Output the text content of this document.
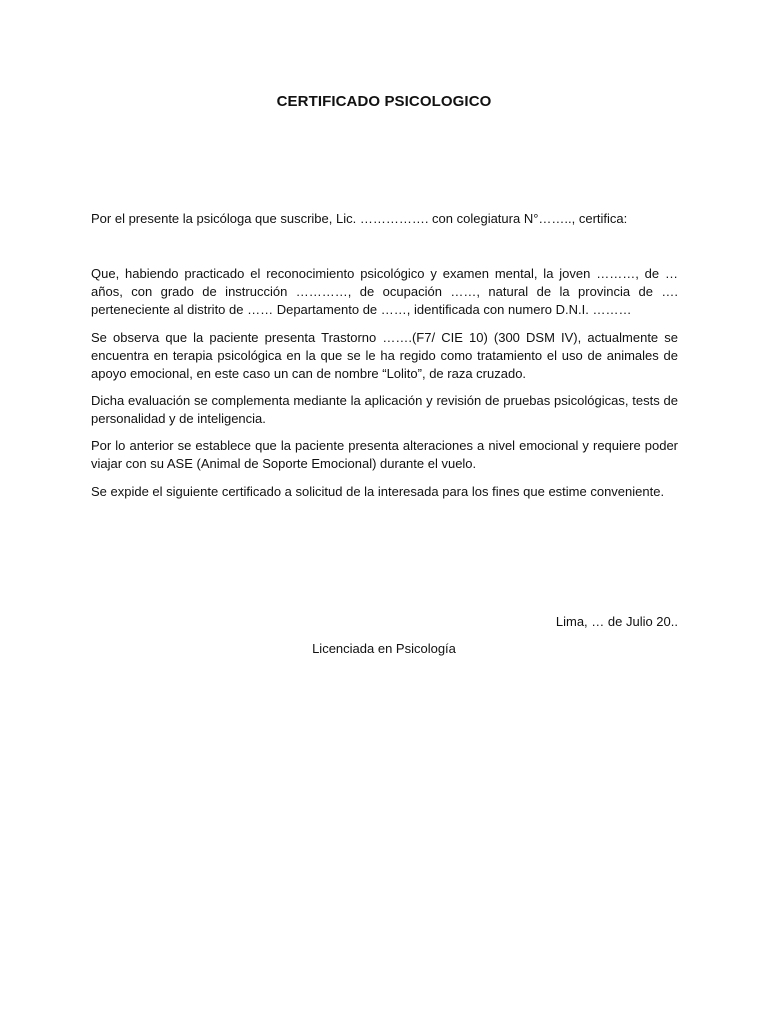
CERTIFICADO PSICOLOGICO

Por el presente la psicóloga que suscribe, Lic. ……………. con colegiatura N°…….., certifica:

Que, habiendo practicado el reconocimiento psicológico y examen mental, la joven ………, de … años, con grado de instrucción …………, de ocupación ……, natural de la provincia de …. perteneciente al distrito de …… Departamento de ……, identificada con numero D.N.I. ………

Se observa que la paciente presenta Trastorno …….(F7/ CIE 10) (300 DSM IV), actualmente se encuentra en terapia psicológica en la que se le ha regido como tratamiento el uso de animales de apoyo emocional, en este caso un can de nombre “Lolito”, de raza cruzado.

Dicha evaluación se complementa mediante la aplicación y revisión de pruebas psicológicas, tests de personalidad y de inteligencia.

Por lo anterior se establece que la paciente presenta alteraciones a nivel emocional y requiere poder viajar con su ASE (Animal de Soporte Emocional) durante el vuelo.

Se expide el siguiente certificado a solicitud de la interesada para los fines que estime conveniente.

Lima, … de Julio 20..
Licenciada en Psicología
